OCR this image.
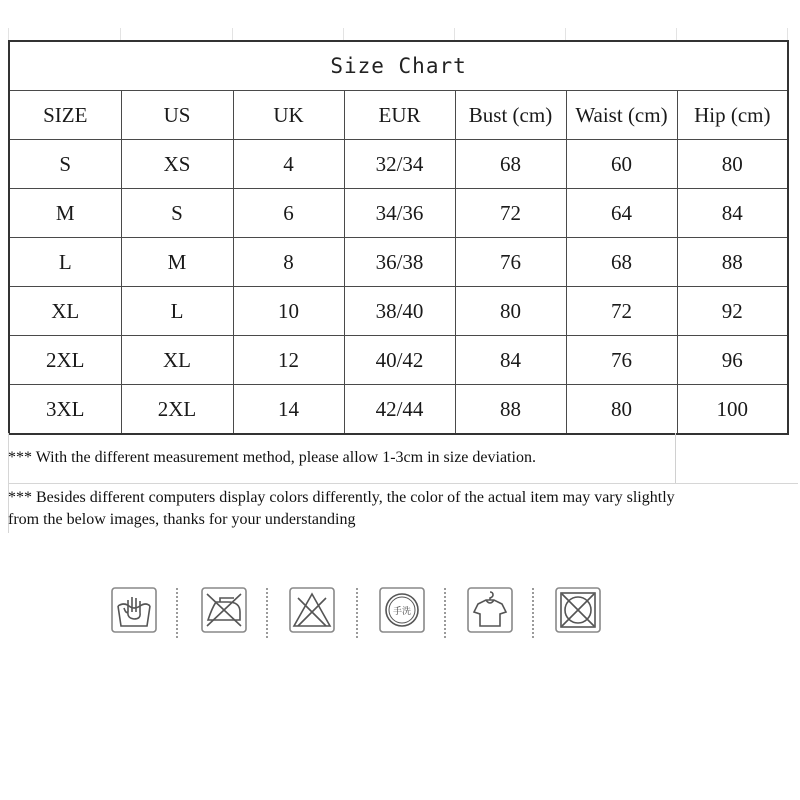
Size Chart						
SIZE	US	UK	EUR	Bust (cm)	Waist (cm)	Hip (cm)
S	XS	4	32/34	68	60	80
M	S	6	34/36	72	64	84
L	M	8	36/38	76	68	88
XL	L	10	38/40	80	72	92
2XL	XL	12	40/42	84	76	96
3XL	2XL	14	42/44	88	80	100
*** With the different measurement method, please allow 1-3cm in size deviation.
*** Besides different computers display colors differently, the color of the actual item may vary slightly
from the below images, thanks for your understanding
手洗
